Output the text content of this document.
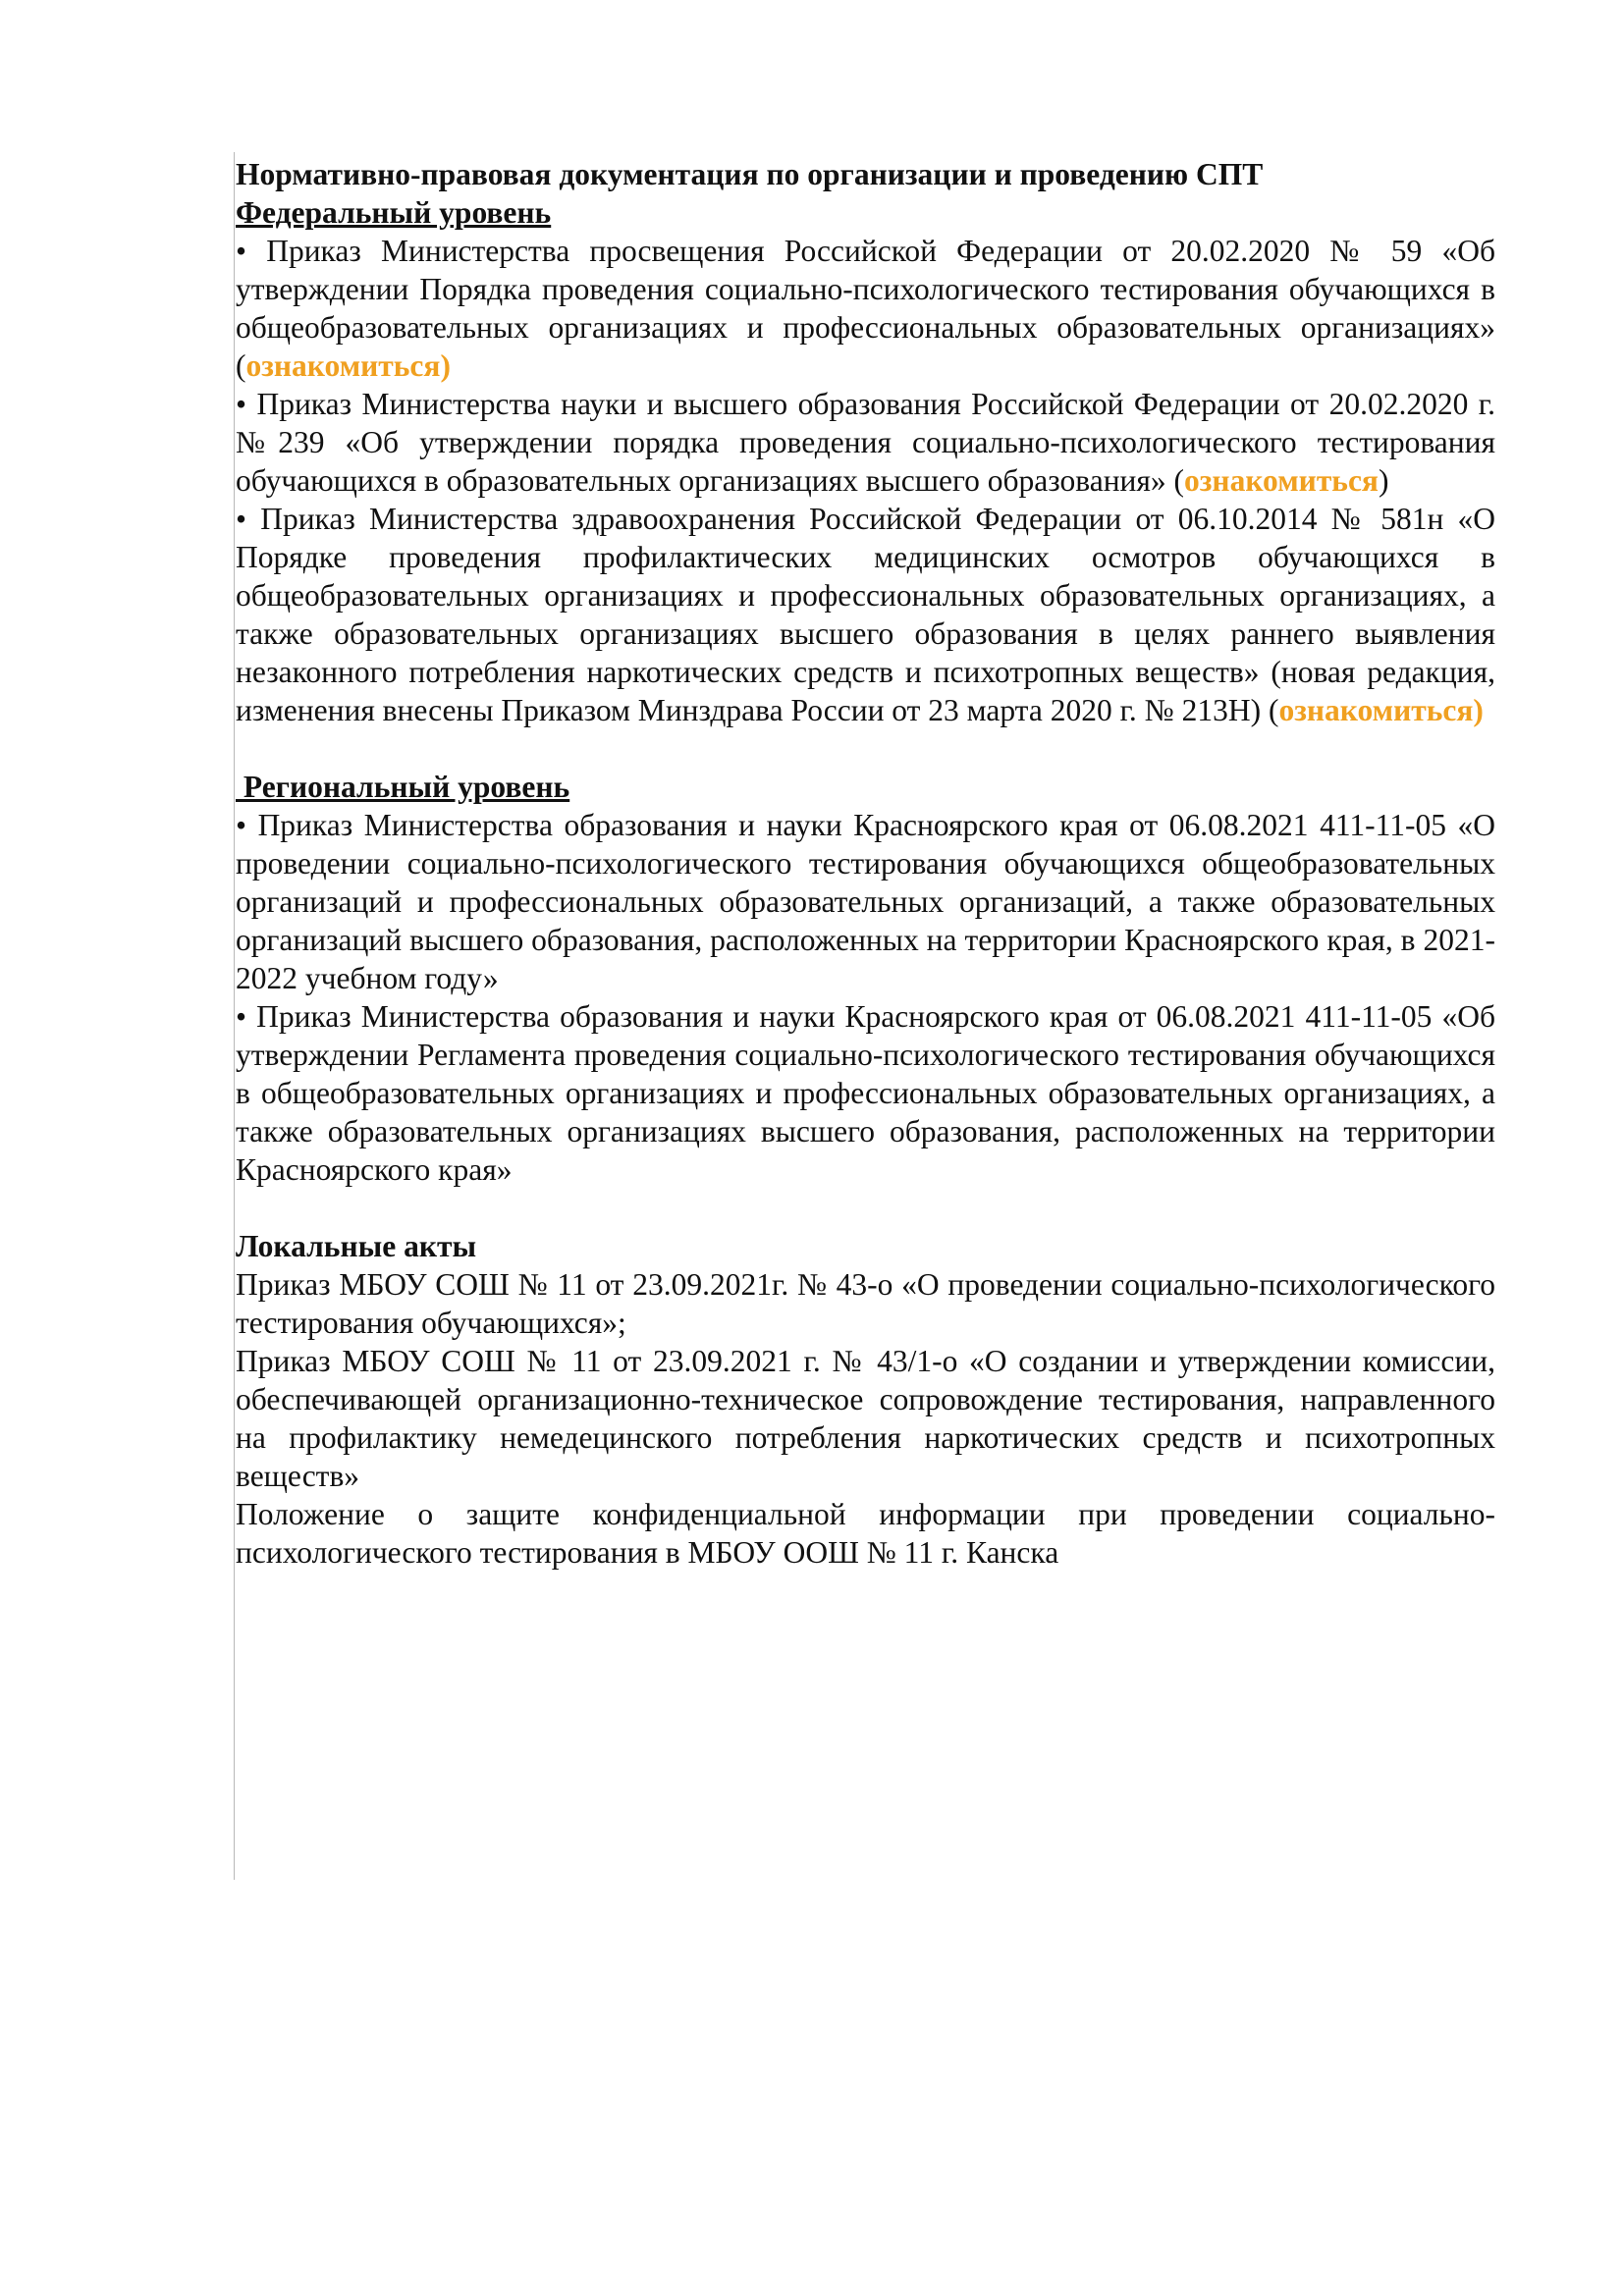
Нормативно-правовая документация по организации и проведению СПТ

Федеральный уровень

• Приказ Министерства просвещения Российской Федерации от 20.02.2020 № 59 «Об утверждении Порядка проведения социально-психологического тестирования обучающихся в общеобразовательных организациях и профессиональных образовательных организациях» (ознакомиться)

• Приказ Министерства науки и высшего образования Российской Федерации от 20.02.2020 г. №239 «Об утверждении порядка проведения социально-психологического тестирования обучающихся в образовательных организациях высшего образования» (ознакомиться)

• Приказ Министерства здравоохранения Российской Федерации от 06.10.2014 № 581н «О Порядке проведения профилактических медицинских осмотров обучающихся в общеобразовательных организациях и профессиональных образовательных организациях, а также образовательных организациях высшего образования в целях раннего выявления незаконного потребления наркотических средств и психотропных веществ» (новая редакция, изменения внесены Приказом Минздрава России от 23 марта 2020 г. № 213Н) (ознакомиться)

Региональный уровень

• Приказ Министерства образования и науки Красноярского края от 06.08.2021 411-11-05 «О проведении социально-психологического тестирования обучающихся общеобразовательных организаций и профессиональных образовательных организаций, а также образовательных организаций высшего образования, расположенных на территории Красноярского края, в 2021-2022 учебном году»

• Приказ Министерства образования и науки Красноярского края от 06.08.2021 411-11-05 «Об утверждении Регламента проведения социально-психологического тестирования обучающихся в общеобразовательных организациях и профессиональных образовательных организациях, а также образовательных организациях высшего образования, расположенных на территории Красноярского края»

Локальные акты

Приказ МБОУ СОШ № 11 от 23.09.2021г. № 43-о «О проведении социально-психологического тестирования обучающихся»;

Приказ МБОУ СОШ № 11 от 23.09.2021 г. № 43/1-о «О создании и утверждении комиссии, обеспечивающей организационно-техническое сопровождение тестирования, направленного на профилактику немедецинского потребления наркотических средств и психотропных веществ»

Положение о защите конфиденциальной информации при проведении социально-психологического тестирования в МБОУ ООШ № 11 г. Канска
